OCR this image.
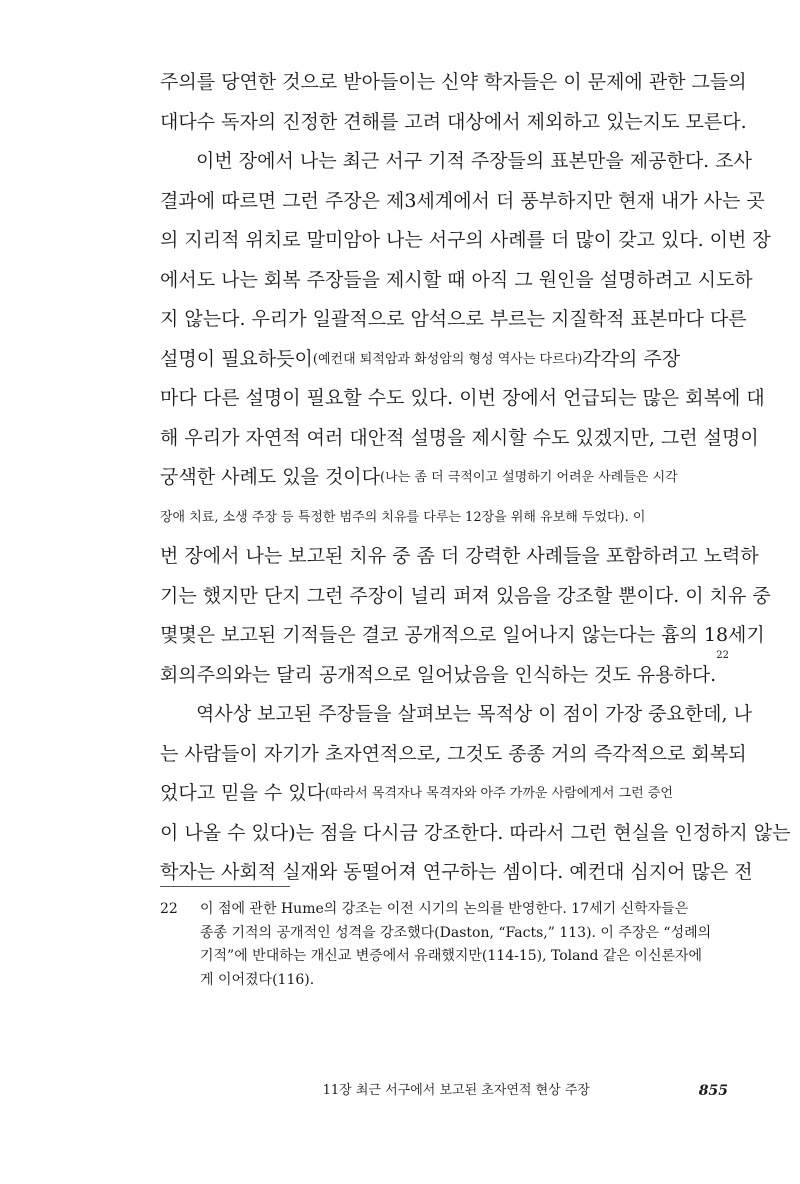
주의를 당연한 것으로 받아들이는 신약 학자들은 이 문제에 관한 그들의
대다수 독자의 진정한 견해를 고려 대상에서 제외하고 있는지도 모른다.
이번 장에서 나는 최근 서구 기적 주장들의 표본만을 제공한다. 조사
결과에 따르면 그런 주장은 제3세계에서 더 풍부하지만 현재 내가 사는 곳
의 지리적 위치로 말미암아 나는 서구의 사례를 더 많이 갖고 있다. 이번 장
에서도 나는 회복 주장들을 제시할 때 아직 그 원인을 설명하려고 시도하
지 않는다. 우리가 일괄적으로 암석으로 부르는 지질학적 표본마다 다른
설명이 필요하듯이 (예컨대 퇴적암과 화성암의 형성 역사는 다르다) 각각의 주장
마다 다른 설명이 필요할 수도 있다. 이번 장에서 언급되는 많은 회복에 대
해 우리가 자연적 여러 대안적 설명을 제시할 수도 있겠지만, 그런 설명이
궁색한 사례도 있을 것이다 (나는 좀 더 극적이고 설명하기 어려운 사례들은 시각
장애 치료, 소생 주장 등 특정한 범주의 치유를 다루는 12장을 위해 유보해 두었다). 이
번 장에서 나는 보고된 치유 중 좀 더 강력한 사례들을 포함하려고 노력하
기는 했지만 단지 그런 주장이 널리 퍼져 있음을 강조할 뿐이다. 이 치유 중
몇몇은 보고된 기적들은 결코 공개적으로 일어나지 않는다는 흄의 18세기
회의주의와는 달리 공개적으로 일어났음을 인식하는 것도 유용하다.
22
역사상 보고된 주장들을 살펴보는 목적상 이 점이 가장 중요한데, 나
는 사람들이 자기가 초자연적으로, 그것도 종종 거의 즉각적으로 회복되
었다고 믿을 수 있다 (따라서 목격자나 목격자와 아주 가까운 사람에게서 그런 증언
이 나올 수 있다)는 점을 다시금 강조한다. 따라서 그런 현실을 인정하지 않는
학자는 사회적 실재와 동떨어져 연구하는 셈이다. 예컨대 심지어 많은 전
22 이 점에 관한 Hume의 강조는 이전 시기의 논의를 반영한다. 17세기 신학자들은
종종 기적의 공개적인 성격을 강조했다(Daston, “Facts,” 113). 이 주장은 “성례의
기적”에 반대하는 개신교 변증에서 유래했지만(114-15), Toland 같은 이신론자에
게 이어졌다(116).
11장 최근 서구에서 보고된 초자연적 현상 주장	855
